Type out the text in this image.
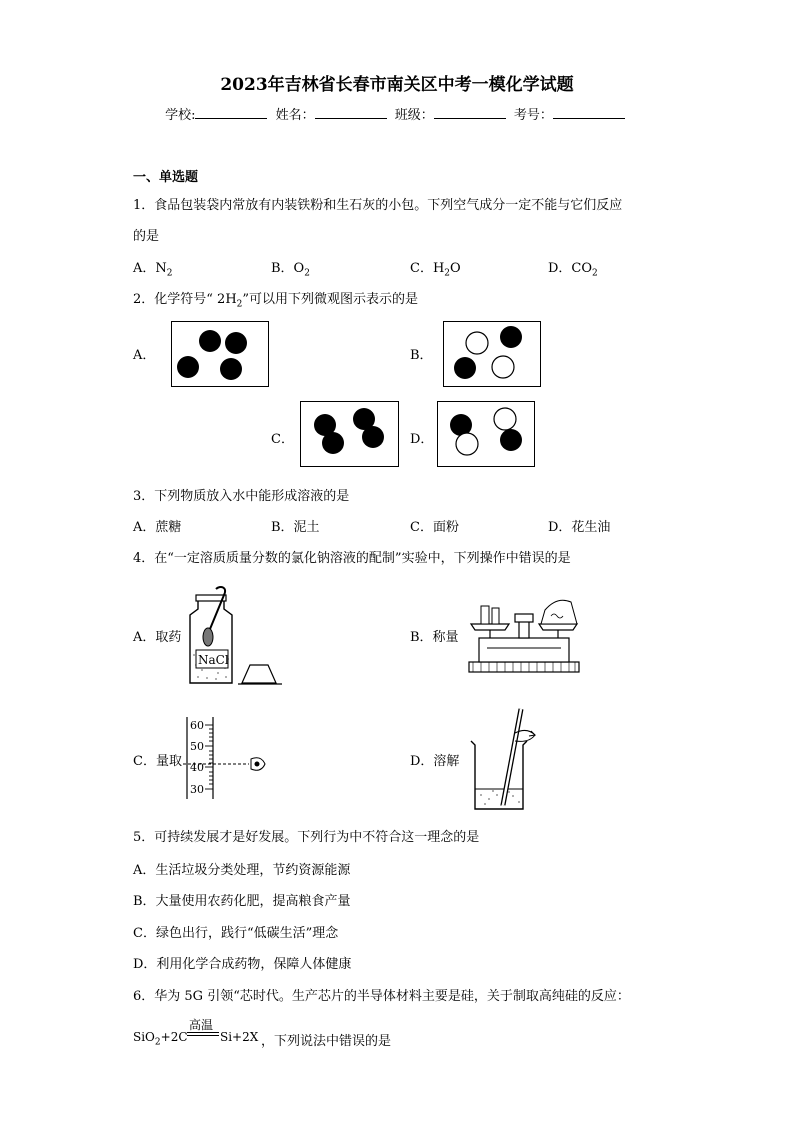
2023年吉林省长春市南关区中考一模化学试题
学校:	姓名：	班级：	考号：
一、单选题
1．食品包装袋内常放有内装铁粉和生石灰的小包。下列空气成分一定不能与它们反应
的是
A．$N_2$	B．$O_2$	C．$H_2O$	D．$CO_2$
2．化学符号“ $2H_2$”可以用下列微观图示表示的是
A．	B．
C．	D．
3．下列物质放入水中能形成溶液的是
A．蔗糖	B．泥土	C．面粉	D．花生油
4．在“一定溶质质量分数的氯化钠溶液的配制”实验中，下列操作中错误的是
A．取药
NaCl
B．称量
C．量取
60
50
40
30
D．溶解
5．可持续发展才是好发展。下列行为中不符合这一理念的是
A．生活垃圾分类处理，节约资源能源
B．大量使用农药化肥，提高粮食产量
C．绿色出行，践行“低碳生活”理念
D．利用化学合成药物，保障人体健康
6．华为 5G 引领“芯时代。生产芯片的半导体材料主要是硅，关于制取高纯硅的反应：
SiO$_2$+2C
高温
Si+2X ，下列说法中错误的是
